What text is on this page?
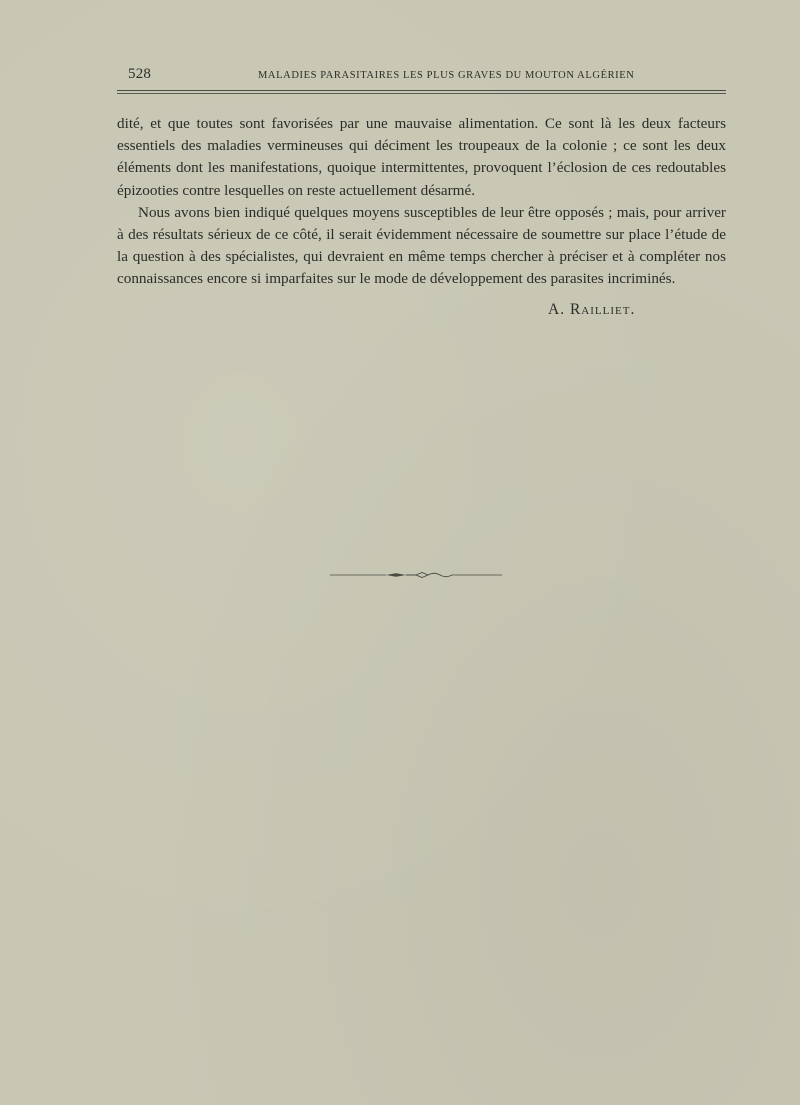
528	MALADIES PARASITAIRES LES PLUS GRAVES DU MOUTON ALGÉRIEN

dité, et que toutes sont favorisées par une mauvaise alimentation. Ce sont là les deux facteurs essentiels des maladies vermineuses qui déciment les troupeaux de la colonie ; ce sont les deux éléments dont les manifestations, quoique intermittentes, provoquent l’éclosion de ces redoutables épizooties contre lesquelles on reste actuellement désarmé.

Nous avons bien indiqué quelques moyens susceptibles de leur être opposés ; mais, pour arriver à des résultats sérieux de ce côté, il serait évidemment nécessaire de soumettre sur place l’étude de la question à des spécialistes, qui devraient en même temps chercher à préciser et à compléter nos connaissances encore si imparfaites sur le mode de développement des parasites incriminés.

A. Railliet.
